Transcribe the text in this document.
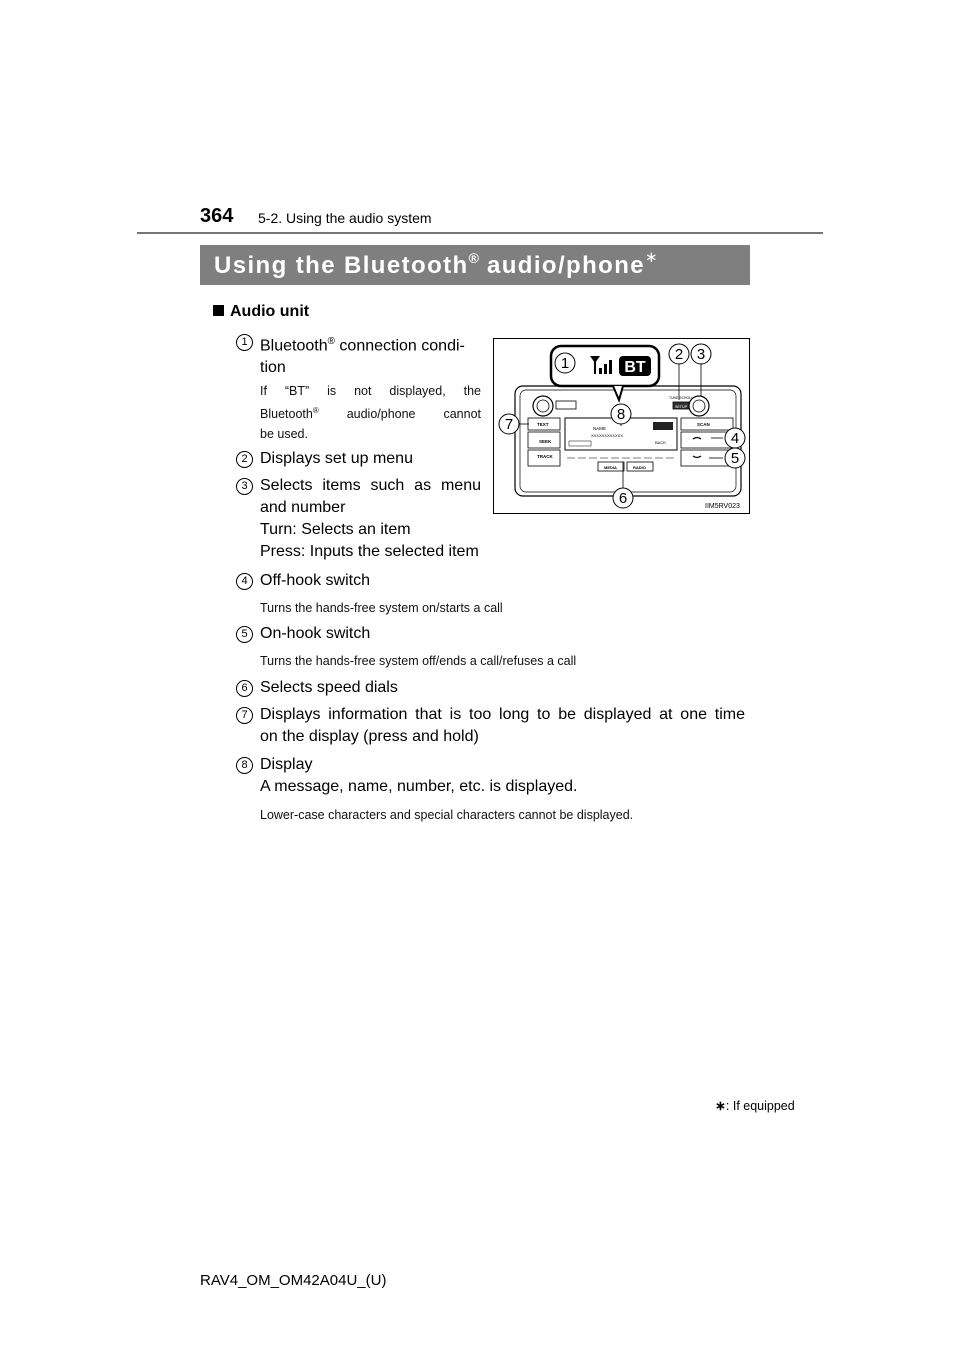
364 5-2. Using the audio system
Using the Bluetooth® audio/phone∗
Audio unit
SETUP
TUNE·SCROLL
TEXT
SEEK
TRACK
NAME
XXXXXXXXXXXX
BACK
SCAN
MEDIA	RADIO
BT
1
2 3
4
5
6
7
8
IIM5RV023
1 Bluetooth® connection condi-
tion
If “BT” is not displayed, the
Bluetooth® audio/phone cannot
be used.
2 Displays set up menu
3 Selects items such as menu
and number
Turn: Selects an item
Press: Inputs the selected item
4 Off-hook switch
Turns the hands-free system on/starts a call
5 On-hook switch
Turns the hands-free system off/ends a call/refuses a call
6 Selects speed dials
7 Displays information that is too long to be displayed at one time
on the display (press and hold)
8 Display
A message, name, number, etc. is displayed.
Lower-case characters and special characters cannot be displayed.
∗: If equipped
RAV4_OM_OM42A04U_(U)
